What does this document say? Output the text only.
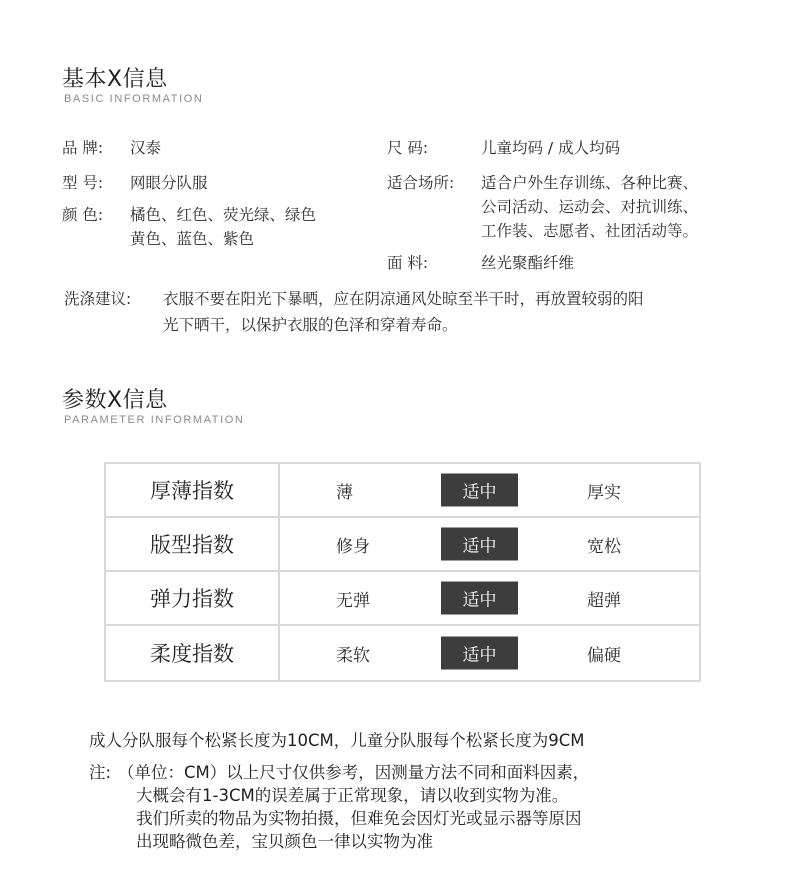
基本X信息
BASIC INFORMATION
品 牌: 汉泰
型 号: 网眼分队服
颜 色: 橘色、红色、荧光绿、绿色
黄色、蓝色、紫色
尺 码:	儿童均码 / 成人均码
适合场所: 适合户外生存训练、各种比赛、
公司活动、运动会、对抗训练、
工作装、志愿者、社团活动等。
面 料:	丝光聚酯纤维
洗涤建议: 衣服不要在阳光下暴晒，应在阴凉通风处晾至半干时，再放置较弱的阳
光下晒干，以保护衣服的色泽和穿着寿命。
参数X信息
PARAMETER INFORMATION
厚薄指数	薄	适中	厚实
版型指数	修身	适中	宽松
弹力指数	无弹	适中	超弹
柔度指数	柔软	适中	偏硬
成人分队服每个松紧长度为10CM，儿童分队服每个松紧长度为9CM
注: （单位：CM）以上尺寸仅供参考，因测量方法不同和面料因素，
大概会有1-3CM的误差属于正常现象，请以收到实物为准。
我们所卖的物品为实物拍摄，但难免会因灯光或显示器等原因
出现略微色差，宝贝颜色一律以实物为准
